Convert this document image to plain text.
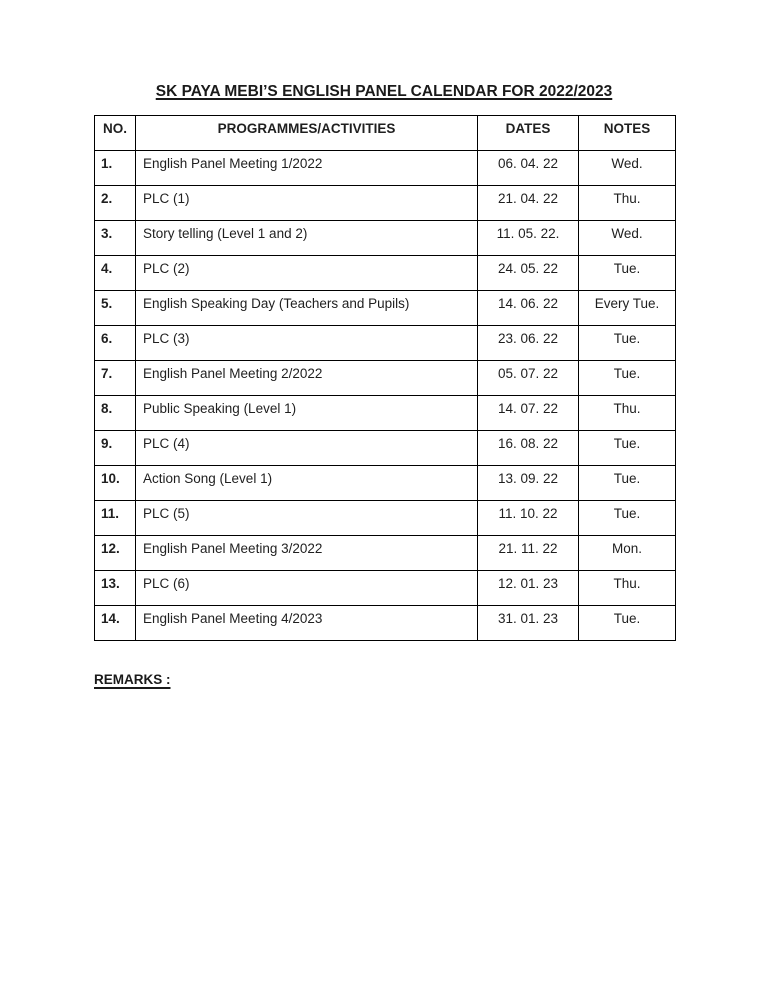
SK PAYA MEBI’S ENGLISH PANEL CALENDAR FOR 2022/2023
NO.	PROGRAMMES/ACTIVITIES	DATES	NOTES
1.	English Panel Meeting 1/2022	06. 04. 22	Wed.
2.	PLC (1)	21. 04. 22	Thu.
3.	Story telling (Level 1 and 2)	11. 05. 22.	Wed.
4.	PLC (2)	24. 05. 22	Tue.
5.	English Speaking Day (Teachers and Pupils)	14. 06. 22	Every Tue.
6.	PLC (3)	23. 06. 22	Tue.
7.	English Panel Meeting 2/2022	05. 07. 22	Tue.
8.	Public Speaking (Level 1)	14. 07. 22	Thu.
9.	PLC (4)	16. 08. 22	Tue.
10.	Action Song (Level 1)	13. 09. 22	Tue.
11.	PLC (5)	11. 10. 22	Tue.
12.	English Panel Meeting 3/2022	21. 11. 22	Mon.
13.	PLC (6)	12. 01. 23	Thu.
14.	English Panel Meeting 4/2023	31. 01. 23	Tue.
REMARKS :
